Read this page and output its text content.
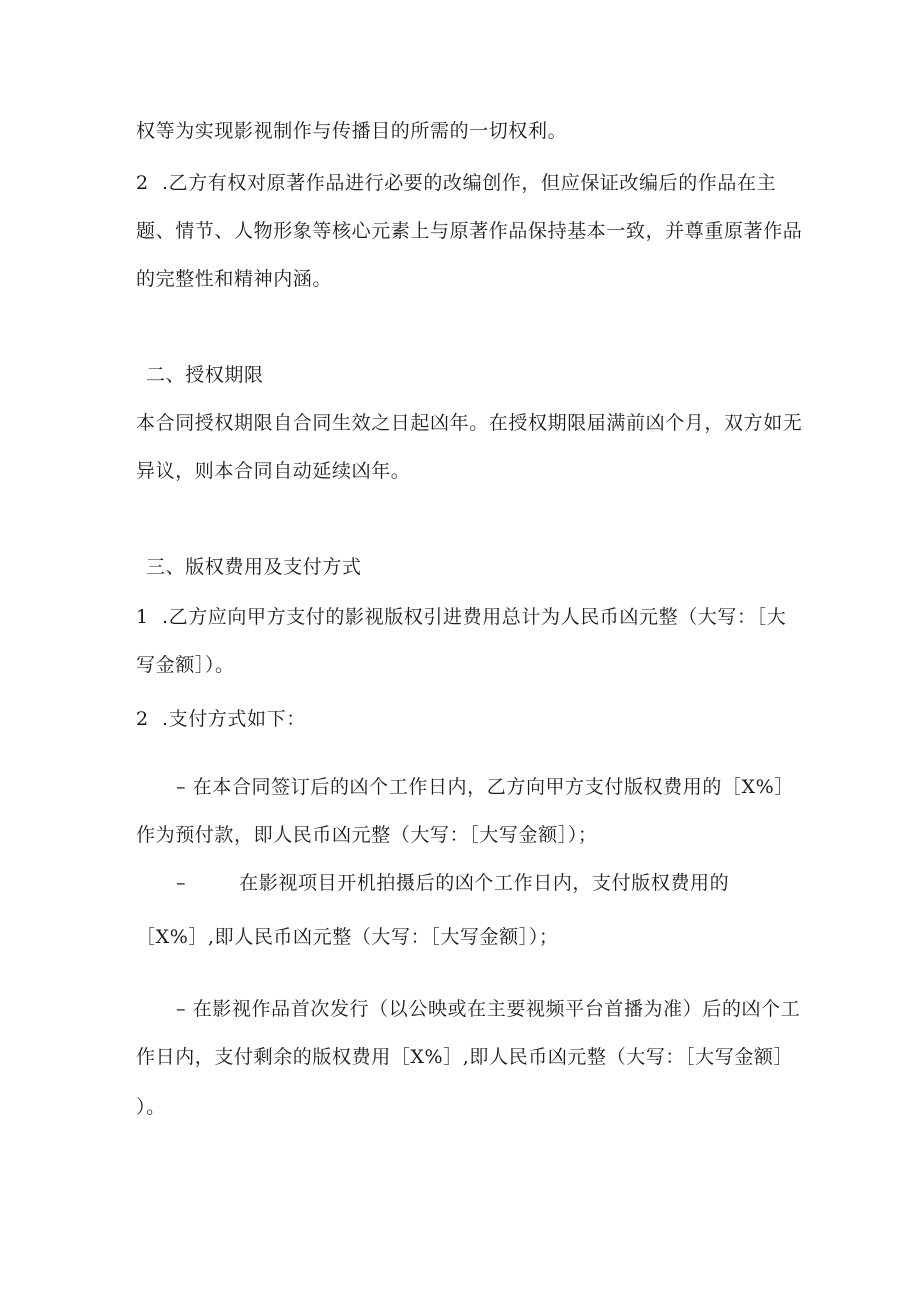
权等为实现影视制作与传播目的所需的一切权利。
2  .乙方有权对原著作品进行必要的改编创作，但应保证改编后的作品在主
题、情节、人物形象等核心元素上与原著作品保持基本一致，并尊重原著作品
的完整性和精神内涵。
二、授权期限
本合同授权期限自合同生效之日起凶年。在授权期限届满前凶个月，双方如无
异议，则本合同自动延续凶年。
三、版权费用及支付方式
1  .乙方应向甲方支付的影视版权引进费用总计为人民币凶元整（大写：［大
写金额］）。
2  .支付方式如下：
– 在本合同签订后的凶个工作日内，乙方向甲方支付版权费用的［X%］
作为预付款，即人民币凶元整（大写：［大写金额］）；
–        在影视项目开机拍摄后的凶个工作日内，支付版权费用的
［X%］,即人民币凶元整（大写：［大写金额］）；
– 在影视作品首次发行（以公映或在主要视频平台首播为准）后的凶个工
作日内，支付剩余的版权费用［X%］,即人民币凶元整（大写：［大写金额］
）。
